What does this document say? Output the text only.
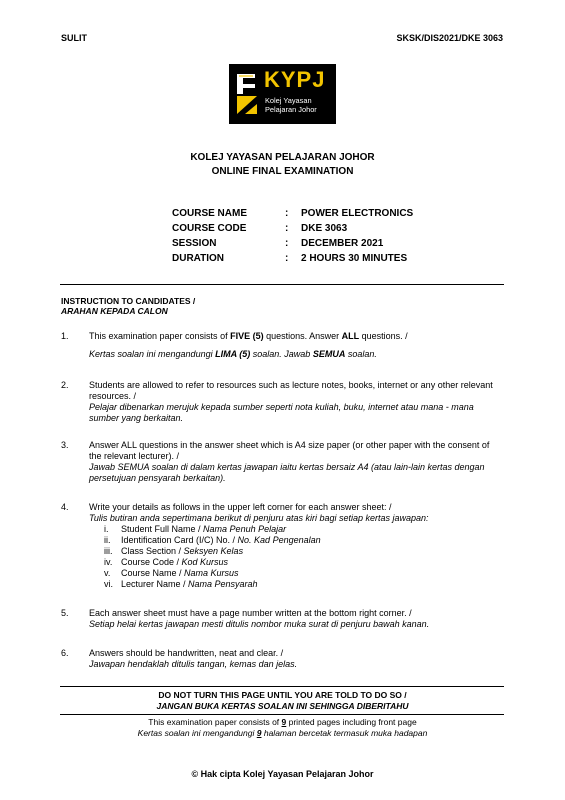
SULIT	SKSK/DIS2021/DKE 3063
KYPJ
Kolej Yayasan
Pelajaran Johor
KOLEJ YAYASAN PELAJARAN JOHOR
ONLINE FINAL EXAMINATION
COURSE NAME	: POWER ELECTRONICS
COURSE CODE	: DKE 3063
SESSION	: DECEMBER 2021
DURATION	: 2 HOURS 30 MINUTES
INSTRUCTION TO CANDIDATES /
ARAHAN KEPADA CALON
1. This examination paper consists of FIVE (5) questions. Answer ALL questions. /
Kertas soalan ini mengandungi LIMA (5) soalan. Jawab SEMUA soalan.
2. Students are allowed to refer to resources such as lecture notes, books, internet or any other relevant resources. /
Pelajar dibenarkan merujuk kepada sumber seperti nota kuliah, buku, internet atau mana - mana sumber yang berkaitan.
3. Answer ALL questions in the answer sheet which is A4 size paper (or other paper with the consent of the relevant lecturer). /
Jawab SEMUA soalan di dalam kertas jawapan iaitu kertas bersaiz A4 (atau lain-lain kertas dengan persetujuan pensyarah berkaitan).
4. Write your details as follows in the upper left corner for each answer sheet: /
Tulis butiran anda sepertimana berikut di penjuru atas kiri bagi setiap kertas jawapan:
i. Student Full Name / Nama Penuh Pelajar
ii. Identification Card (I/C) No. / No. Kad Pengenalan
iii. Class Section / Seksyen Kelas
iv. Course Code / Kod Kursus
v. Course Name / Nama Kursus
vi. Lecturer Name / Nama Pensyarah
5. Each answer sheet must have a page number written at the bottom right corner. /
Setiap helai kertas jawapan mesti ditulis nombor muka surat di penjuru bawah kanan.
6. Answers should be handwritten, neat and clear. /
Jawapan hendaklah ditulis tangan, kemas dan jelas.
DO NOT TURN THIS PAGE UNTIL YOU ARE TOLD TO DO SO /
JANGAN BUKA KERTAS SOALAN INI SEHINGGA DIBERITAHU
This examination paper consists of 9 printed pages including front page
Kertas soalan ini mengandungi 9 halaman bercetak termasuk muka hadapan
© Hak cipta Kolej Yayasan Pelajaran Johor
